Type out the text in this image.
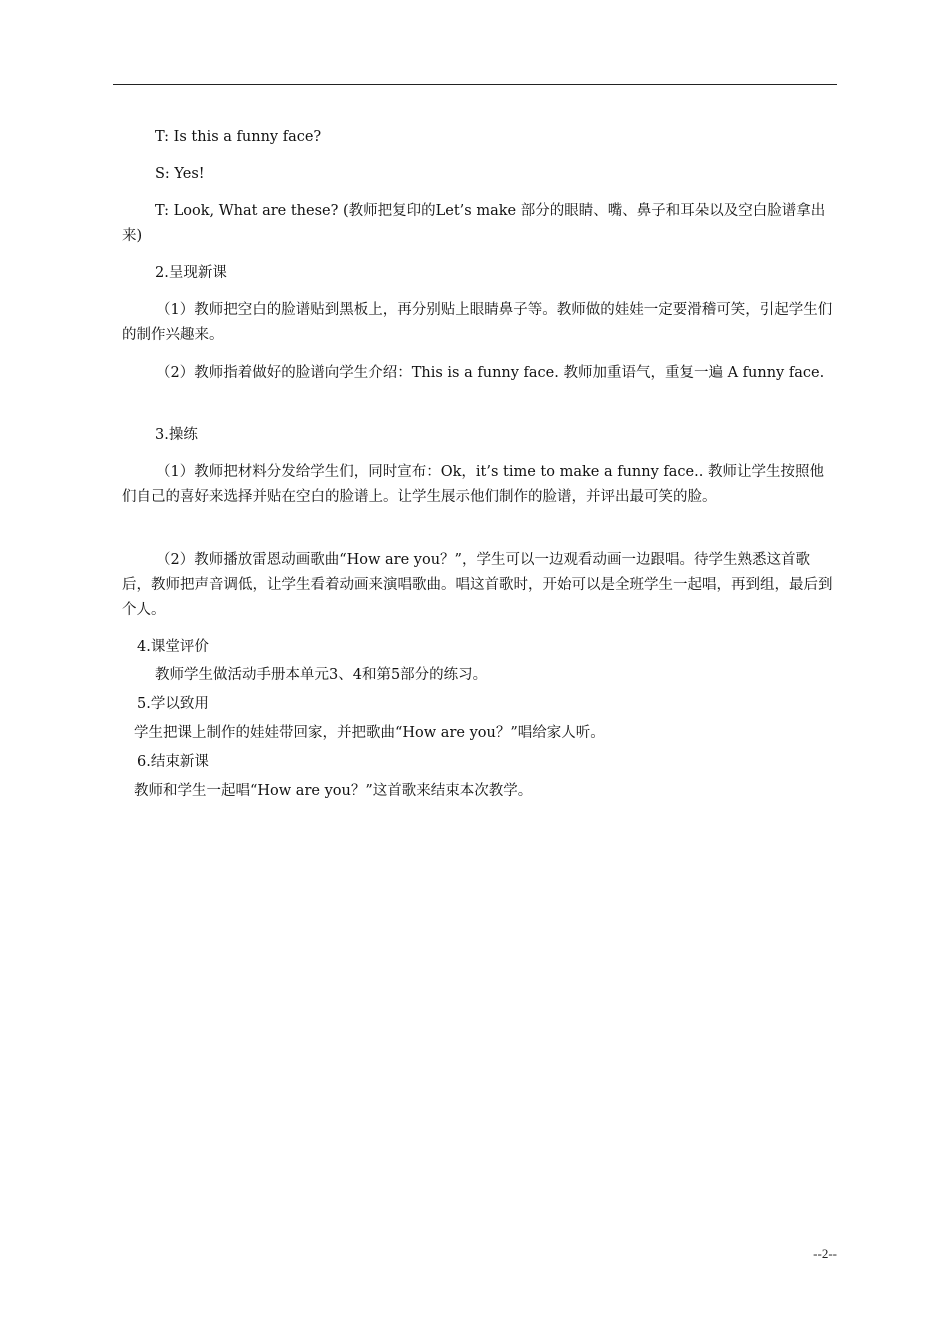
T: Is this a funny face?
S: Yes!
T: Look, What are these? (教师把复印的Let’s make 部分的眼睛、嘴、鼻子和耳朵以及空白脸谱拿出来)
2.呈现新课
（1）教师把空白的脸谱贴到黑板上，再分别贴上眼睛鼻子等。教师做的娃娃一定要滑稽可笑，引起学生们的制作兴趣来。
（2）教师指着做好的脸谱向学生介绍：This is a funny face. 教师加重语气，重复一遍 A funny face.
3.操练
（1）教师把材料分发给学生们，同时宣布：Ok，it’s time to make a funny face.. 教师让学生按照他们自己的喜好来选择并贴在空白的脸谱上。让学生展示他们制作的脸谱，并评出最可笑的脸。
（2）教师播放雷恩动画歌曲“How are you？”，学生可以一边观看动画一边跟唱。待学生熟悉这首歌后，教师把声音调低，让学生看着动画来演唱歌曲。唱这首歌时，开始可以是全班学生一起唱，再到组，最后到个人。
4.课堂评价
教师学生做活动手册本单元3、4和第5部分的练习。
5.学以致用
学生把课上制作的娃娃带回家，并把歌曲“How are you？”唱给家人听。
6.结束新课
教师和学生一起唱“How are you？”这首歌来结束本次教学。
--2--
